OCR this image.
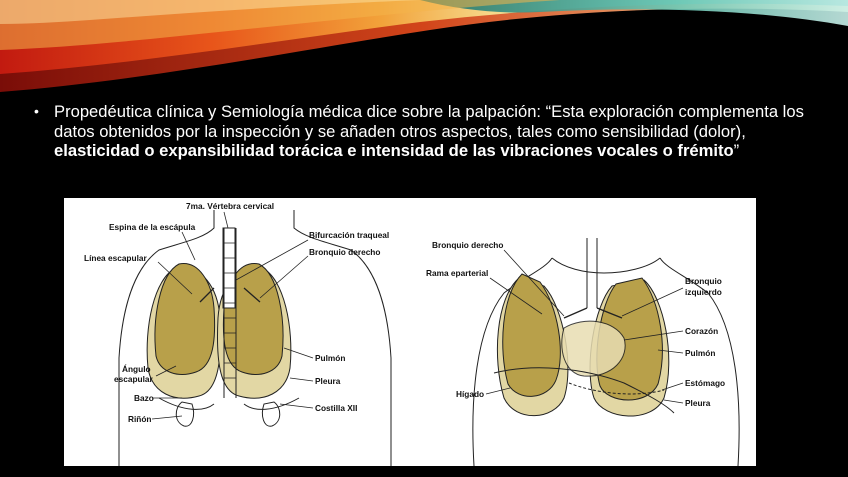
• Propedéutica clínica y Semiología médica dice sobre la palpación: “Esta exploración complementa los datos obtenidos por la inspección y se añaden otros aspectos, tales como sensibilidad (dolor), elasticidad o expansibilidad torácica e intensidad de las vibraciones vocales o frémito”
7ma. Vértebra cervical
Espina de la escápula
Línea escapular
Bifurcación traqueal
Bronquio derecho
Ángulo
escapular
Bazo
Riñón
Pulmón
Pleura
Costilla XII
Bronquio derecho
Rama eparterial
Bronquio
izquierdo
Corazón
Pulmón
Hígado
Estómago
Pleura
